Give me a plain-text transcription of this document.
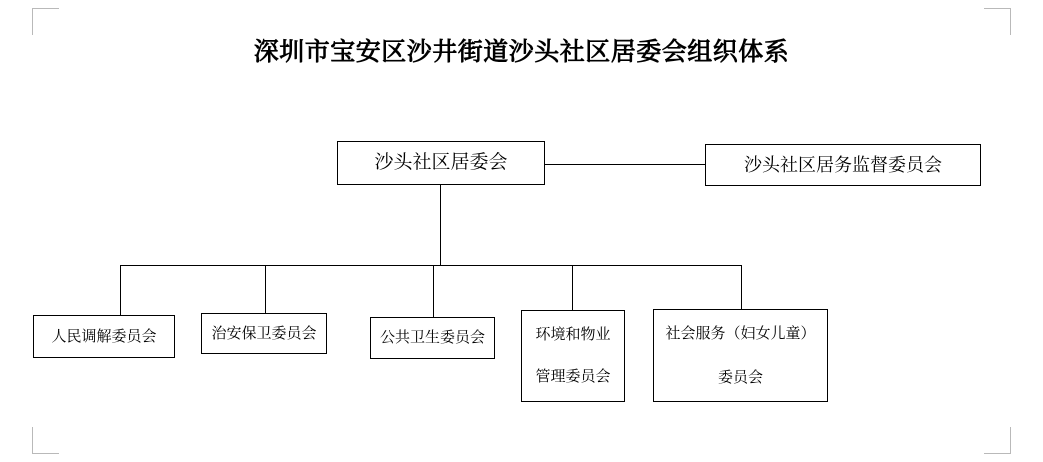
深圳市宝安区沙井街道沙头社区居委会组织体系
沙头社区居委会	沙头社区居务监督委员会
人民调解委员会	治安保卫委员会	公共卫生委员会	环境和物业
管理委员会
社会服务（妇女儿童）
委员会
